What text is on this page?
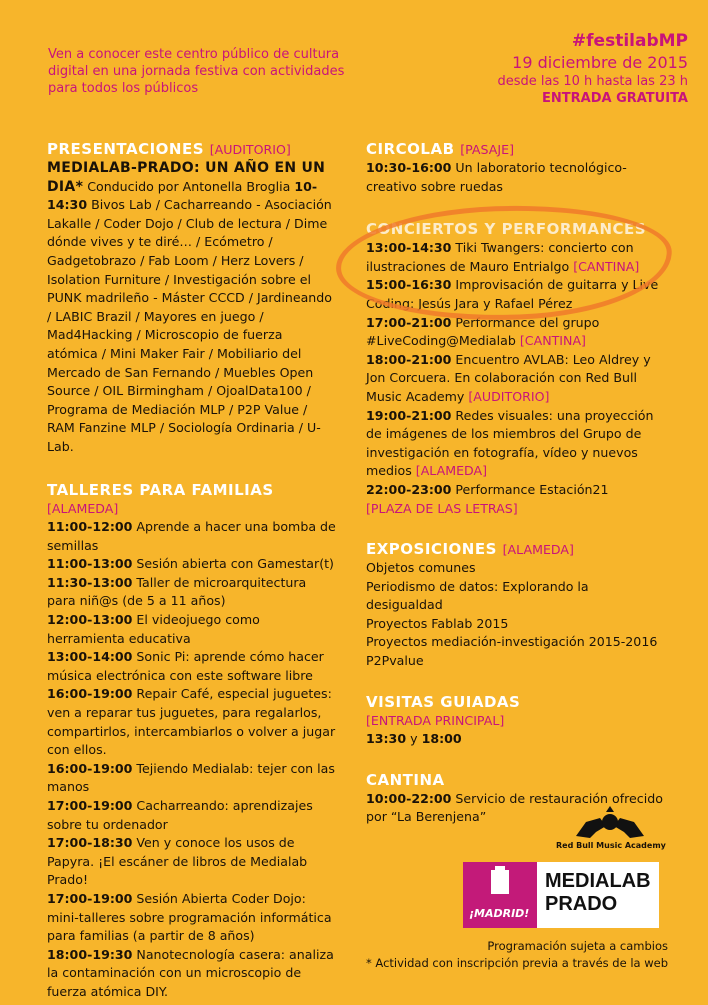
Ven a conocer este centro público de cultura digital en una jornada festiva con actividades para todos los públicos
#festilabMP
19 diciembre de 2015
desde las 10 h hasta las 23 h
ENTRADA GRATUITA
PRESENTACIONES [AUDITORIO]

MEDIALAB-PRADO: UN AÑO EN UN DIA* Conducido por Antonella Broglia 10-14:30 Bivos Lab / Cacharreando - Asociación Lakalle / Coder Dojo / Club de lectura / Dime dónde vives y te diré… / Ecómetro / Gadgetobrazo / Fab Loom / Herz Lovers / Isolation Furniture / Investigación sobre el PUNK madrileño - Máster CCCD / Jardineando / LABIC Brazil / Mayores en juego / Mad4Hacking / Microscopio de fuerza atómica / Mini Maker Fair / Mobiliario del Mercado de San Fernando / Muebles Open Source / OIL Birmingham / OjoalData100 / Programa de Mediación MLP / P2P Value / RAM Fanzine MLP / Sociología Ordinaria / U-Lab.

TALLERES PARA FAMILIAS
[ALAMEDA]

11:00-12:00 Aprende a hacer una bomba de semillas

11:00-13:00 Sesión abierta con Gamestar(t)

11:30-13:00 Taller de microarquitectura para niñ@s (de 5 a 11 años)

12:00-13:00 El videojuego como herramienta educativa

13:00-14:00 Sonic Pi: aprende cómo hacer música electrónica con este software libre

16:00-19:00 Repair Café, especial juguetes: ven a reparar tus juguetes, para regalarlos, compartirlos, intercambiarlos o volver a jugar con ellos.

16:00-19:00 Tejiendo Medialab: tejer con las manos

17:00-19:00 Cacharreando: aprendizajes sobre tu ordenador

17:00-18:30 Ven y conoce los usos de Papyra. ¡El escáner de libros de Medialab Prado!

17:00-19:00 Sesión Abierta Coder Dojo: mini-talleres sobre programación informática para familias (a partir de 8 años)

18:00-19:30 Nanotecnología casera: analiza la contaminación con un microscopio de fuerza atómica DIY.

CIRCOLAB [PASAJE]

10:30-16:00 Un laboratorio tecnológico-creativo sobre ruedas

CONCIERTOS Y PERFORMANCES

13:00-14:30 Tiki Twangers: concierto con ilustraciones de Mauro Entrialgo [CANTINA]

15:00-16:30 Improvisación de guitarra y Live Coding: Jesús Jara y Rafael Pérez

17:00-21:00 Performance del grupo #LiveCoding@Medialab [CANTINA]

18:00-21:00 Encuentro AVLAB: Leo Aldrey y Jon Corcuera. En colaboración con Red Bull Music Academy [AUDITORIO]

19:00-21:00 Redes visuales: una proyección de imágenes de los miembros del Grupo de investigación en fotografía, vídeo y nuevos medios [ALAMEDA]

22:00-23:00 Performance Estación21
[PLAZA DE LAS LETRAS]

EXPOSICIONES [ALAMEDA]

Objetos comunes

Periodismo de datos: Explorando la desigualdad

Proyectos Fablab 2015

Proyectos mediación-investigación 2015-2016

P2Pvalue

VISITAS GUIADAS
[ENTRADA PRINCIPAL]

13:30 y 18:00

CANTINA

10:00-22:00 Servicio de restauración ofrecido por “La Berenjena”

Red Bull Music Academy
¡MADRID!
MEDIALAB
PRADO
Programación sujeta a cambios
* Actividad con inscripción previa a través de la web
